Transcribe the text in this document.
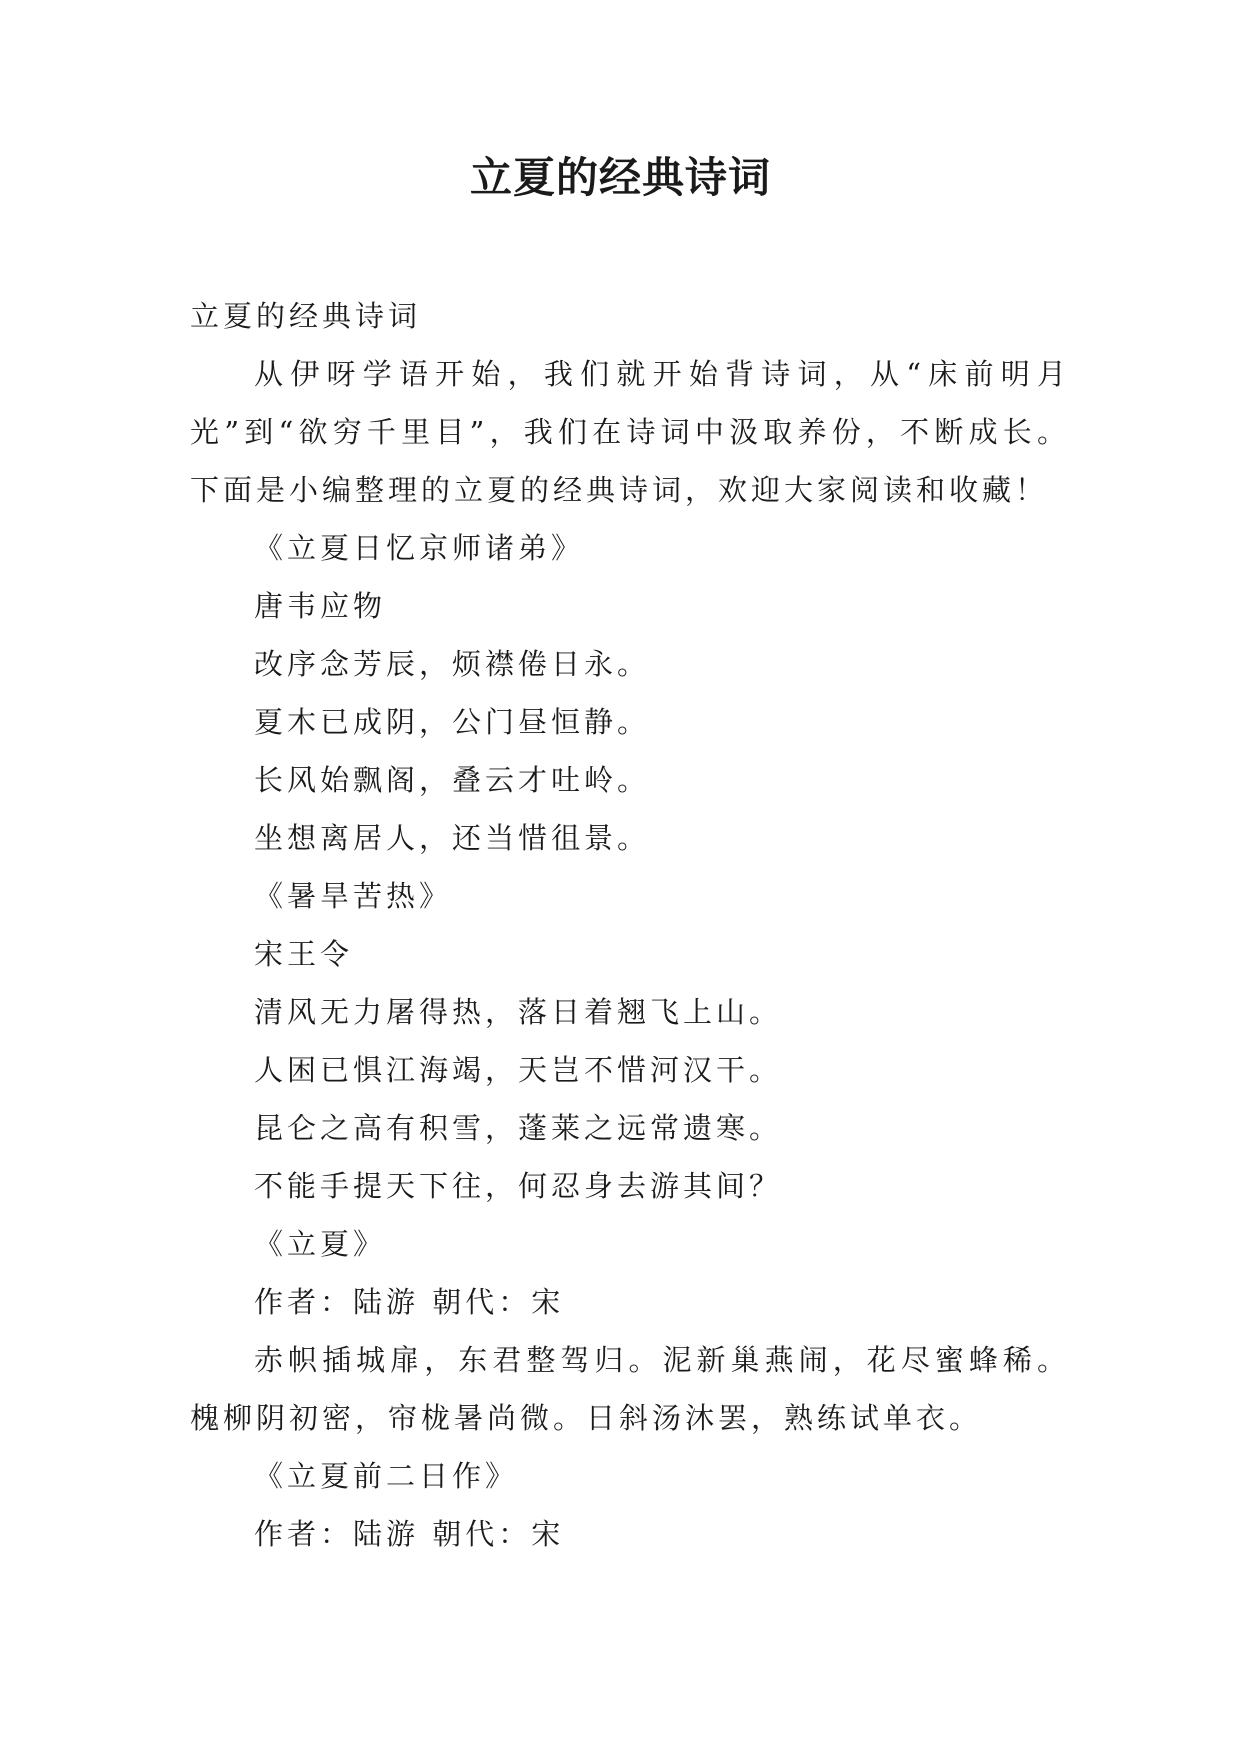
立夏的经典诗词
立夏的经典诗词
从伊呀学语开始，我们就开始背诗词，从“床前明月光”到“欲穷千里目”，我们在诗词中汲取养份，不断成长。下面是小编整理的立夏的经典诗词，欢迎大家阅读和收藏！
《立夏日忆京师诸弟》
唐韦应物
改序念芳辰，烦襟倦日永。
夏木已成阴，公门昼恒静。
长风始飘阁，叠云才吐岭。
坐想离居人，还当惜徂景。
《暑旱苦热》
宋王令
清风无力屠得热，落日着翘飞上山。
人困已惧江海竭，天岂不惜河汉干。
昆仑之高有积雪，蓬莱之远常遗寒。
不能手提天下往，何忍身去游其间？
《立夏》
作者：陆游 朝代：宋
赤帜插城扉，东君整驾归。泥新巢燕闹，花尽蜜蜂稀。槐柳阴初密，帘栊暑尚微。日斜汤沐罢，熟练试单衣。
《立夏前二日作》
作者：陆游 朝代：宋
